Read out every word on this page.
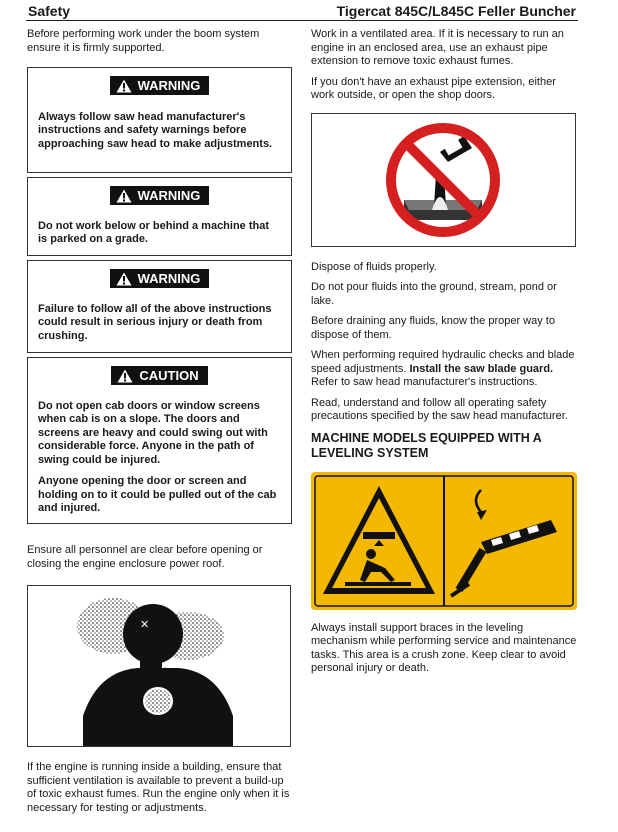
Safety	Tigercat 845C/L845C Feller Buncher

Before performing work under the boom system ensure it is firmly supported.

WARNING

Always follow saw head manufacturer's instructions and safety warnings before approaching saw head to make adjustments.

WARNING

Do not work below or behind a machine that is parked on a grade.

WARNING

Failure to follow all of the above instructions could result in serious injury or death from crushing.

CAUTION

Do not open cab doors or window screens when cab is on a slope. The doors and screens are heavy and could swing out with considerable force. Anyone in the path of swing could be injured.

Anyone opening the door or screen and holding on to it could be pulled out of the cab and injured.

Ensure all personnel are clear before opening or closing the engine enclosure power roof.

✕

If the engine is running inside a building, ensure that sufficient ventilation is available to prevent a build-up of toxic exhaust fumes. Run the engine only when it is necessary for testing or adjustments.

Work in a ventilated area. If it is necessary to run an engine in an enclosed area, use an exhaust pipe extension to remove toxic exhaust fumes.

If you don't have an exhaust pipe extension, either work outside, or open the shop doors.

Dispose of fluids properly.

Do not pour fluids into the ground, stream, pond or lake.

Before draining any fluids, know the proper way to dispose of them.

When performing required hydraulic checks and blade speed adjustments. Install the saw blade guard. Refer to saw head manufacturer's instructions.

Read, understand and follow all operating safety precautions specified by the saw head manufacturer.

MACHINE MODELS EQUIPPED WITH A LEVELING SYSTEM

Always install support braces in the leveling mechanism while performing service and maintenance tasks. This area is a crush zone. Keep clear to avoid personal injury or death.
